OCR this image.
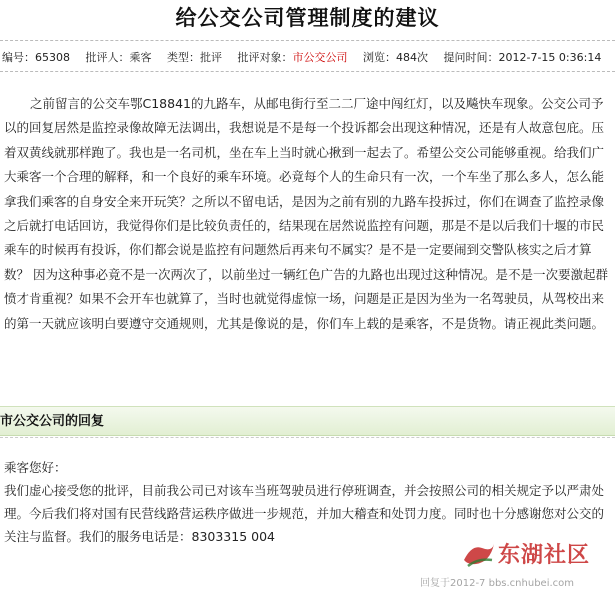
给公交公司管理制度的建议
编号：65308 批评人：乘客 类型：批评 批评对象：市公交公司 浏览：484次 提问时间：2012-7-15 0:36:14

之前留言的公交车鄂C18841的九路车，从邮电街行至二二厂途中闯红灯，以及飚快车现象。公交公司予以的回复居然是监控录像故障无法调出，我想说是不是每一个投诉都会出现这种情况，还是有人故意包庇。压着双黄线就那样跑了。我也是一名司机，坐在车上当时就心揪到一起去了。希望公交公司能够重视。给我们广大乘客一个合理的解释，和一个良好的乘车环境。必竟每个人的生命只有一次，一个车坐了那么多人，怎么能拿我们乘客的自身安全来开玩笑？之所以不留电话，是因为之前有别的九路车投拆过，你们在调查了监控录像之后就打电话回访，我觉得你们是比较负责任的，结果现在居然说监控有问题，那是不是以后我们十堰的市民乘车的时候再有投诉，你们都会说是监控有问题然后再来句不属实？是不是一定要闹到交警队核实之后才算数？ 因为这种事必竟不是一次两次了，以前坐过一辆红色广告的九路也出现过这种情况。是不是一次要激起群愤才肯重视？如果不会开车也就算了，当时也就觉得虚惊一场，问题是正是因为坐为一名驾驶员，从驾校出来的第一天就应该明白要遵守交通规则，尤其是像说的是，你们车上载的是乘客，不是货物。请正视此类问题。

市公交公司的回复
乘客您好：
我们虚心接受您的批评，目前我公司已对该车当班驾驶员进行停班调查，并会按照公司的相关规定予以严肃处理。今后我们将对国有民营线路营运秩序做进一步规范，并加大稽查和处罚力度。同时也十分感谢您对公交的关注与监督。我们的服务电话是：8303315 004
东湖社区
回复于2012-7 bbs.cnhubei.com
